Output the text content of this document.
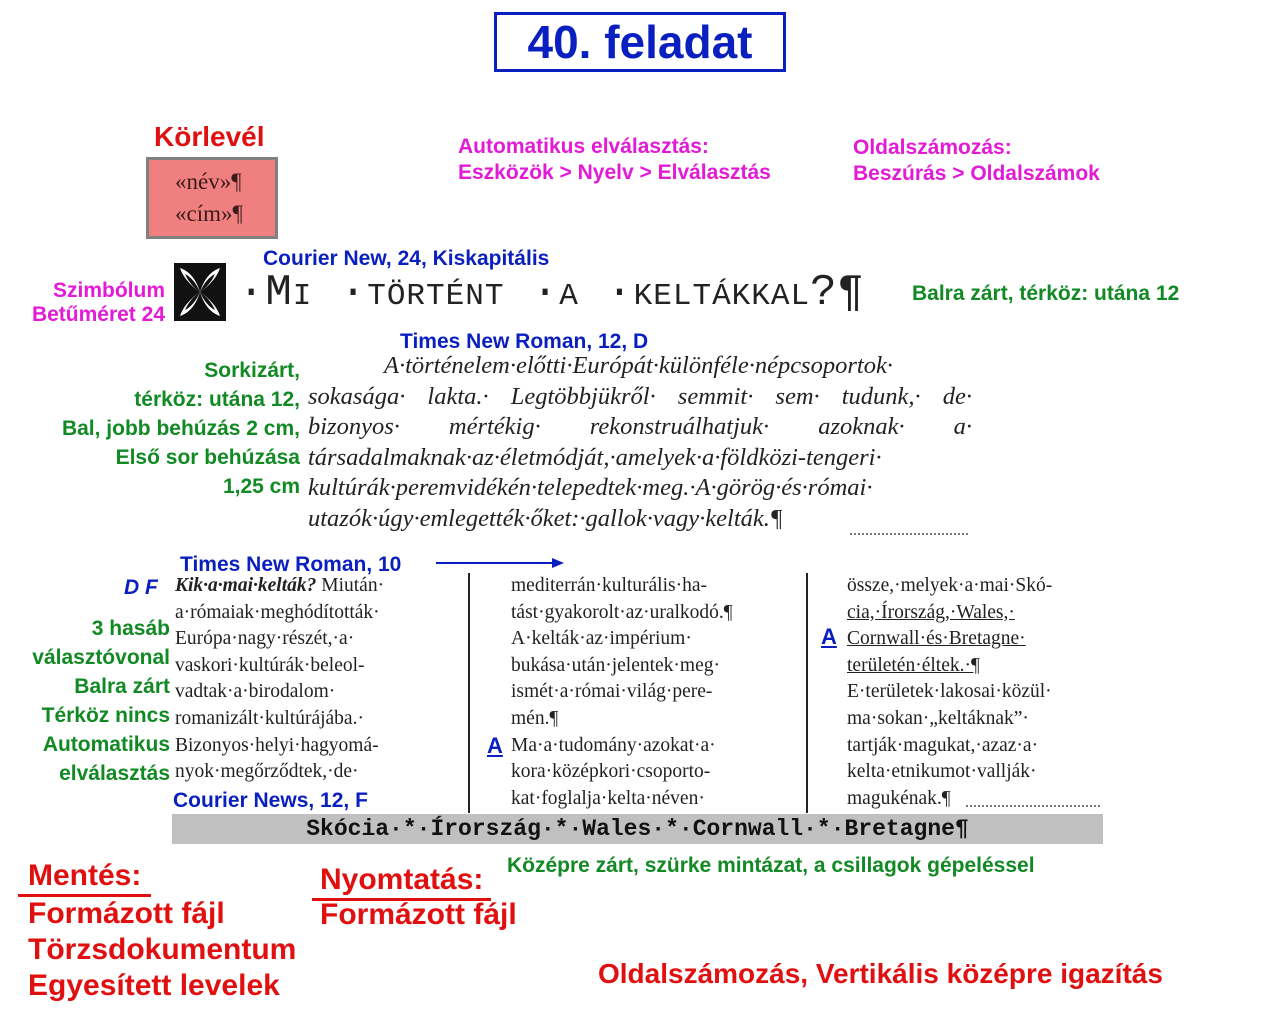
40. feladat
Körlevél
«név»¶
«cím»¶
Automatikus elválasztás:
Eszközök > Nyelv > Elválasztás
Oldalszámozás:
Beszúrás > Oldalszámok
Courier New, 24, Kiskapitális
Szimbólum
Betűméret 24 ·Mi ·történt ·a ·keltákkal?¶ Balra zárt, térköz: utána 12
Times New Roman, 12, D
Sorkizárt,
térköz: utána 12,
Bal, jobb behúzás 2 cm,
Első sor behúzása
1,25 cm
A·történelem·előtti·Európát·különféle·népcsoportok·
sokasága· lakta.· Legtöbbjükről· semmit· sem· tudunk,· de·
bizonyos· mértékig· rekonstruálhatjuk· azoknak· a·
társadalmaknak·az·életmódját,·amelyek·a·földközi-tengeri·
kultúrák·peremvidékén·telepedtek·meg.·A·görög·és·római·
utazók·úgy·emlegették·őket:·gallok·vagy·kelták.¶
Times New Roman, 10
D F
3 hasáb
választóvonal
Balra zárt
Térköz nincs
Automatikus
elválasztás
Courier News, 12, F
Kik·a·mai·kelták? Miután·
a·rómaiak·meghódították·
Európa·nagy·részét,·a·
vaskori·kultúrák·beleol-
vadtak·a·birodalom·
romanizált·kultúrájába.·
Bizonyos·helyi·hagyomá-
nyok·megőrződtek,·de·
mediterrán·kulturális·ha-
tást·gyakorolt·az·uralkodó.¶
A·kelták·az·impérium·
bukása·után·jelentek·meg·
ismét·a·római·világ·pere-
mén.¶
Ma·a·tudomány·azokat·a·
kora·középkori·csoporto-
kat·foglalja·kelta·néven·
A
össze,·melyek·a·mai·Skó-
cia,·Írország,·Wales,·
Cornwall·és·Bretagne·
területén·éltek.·¶
E·területek·lakosai·közül·
ma·sokan·„keltáknak”·
tartják·magukat,·azaz·a·
kelta·etnikumot·vallják·
magukénak.¶
A
Skócia·*·Írország·*·Wales·*·Cornwall·*·Bretagne¶
Középre zárt, szürke mintázat, a csillagok gépeléssel
Mentés:
Formázott fájl
Törzsdokumentum
Egyesített levelek
Nyomtatás:
Formázott fájl
Oldalszámozás, Vertikális középre igazítás
